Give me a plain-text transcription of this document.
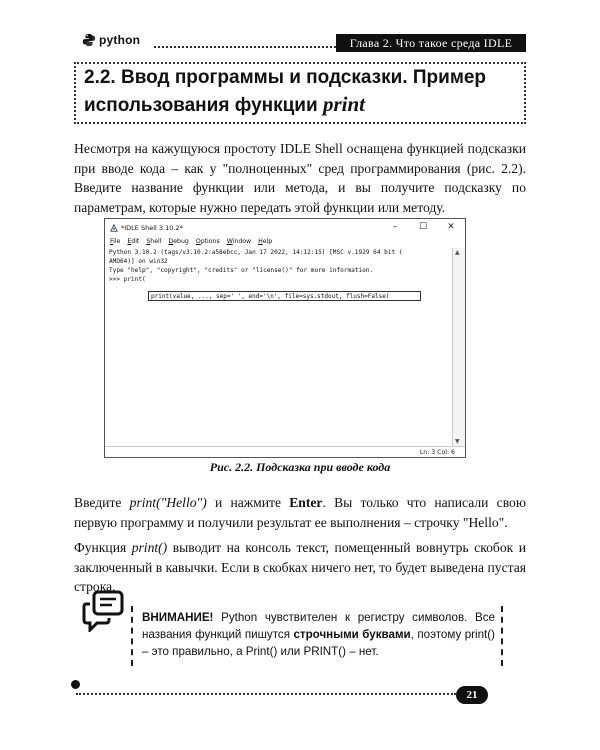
python	Глава 2. Что такое среда IDLE
2.2. Ввод программы и подсказки. Пример использования функции print

Несмотря на кажущуюся простоту IDLE Shell оснащена функцией подсказки при вводе кода – как у "полноценных" сред программирования (рис. 2.2). Введите название функции или метода, и вы получите подсказку по параметрам, которые нужно передать этой функции или методу.

*IDLE Shell 3.10.2*	–	☐	✕
File Edit Shell Debug Options Window Help
Python 3.10.2 (tags/v3.10.2:a58ebcc, Jan 17 2022, 14:12:15) [MSC v.1929 64 bit (
AMD64)] on win32
Type "help", "copyright", "credits" or "license()" for more information.
>>> print(
print(value, ..., sep=' ', end='\n', file=sys.stdout, flush=False)
▲
▼
Ln: 3 Col: 6

Рис. 2.2. Подсказка при вводе кода

Введите print("Hello") и нажмите Enter. Вы только что написали свою первую программу и получили результат ее выполнения – строчку "Hello".

Функция print() выводит на консоль текст, помещенный вовнутрь скобок и заключенный в кавычки. Если в скобках ничего нет, то будет выведена пустая строка.

ВНИМАНИЕ! Python чувствителен к регистру символов. Все названия функций пишутся строчными буквами, поэтому print() – это правильно, а Print() или PRINT() – нет.

21
